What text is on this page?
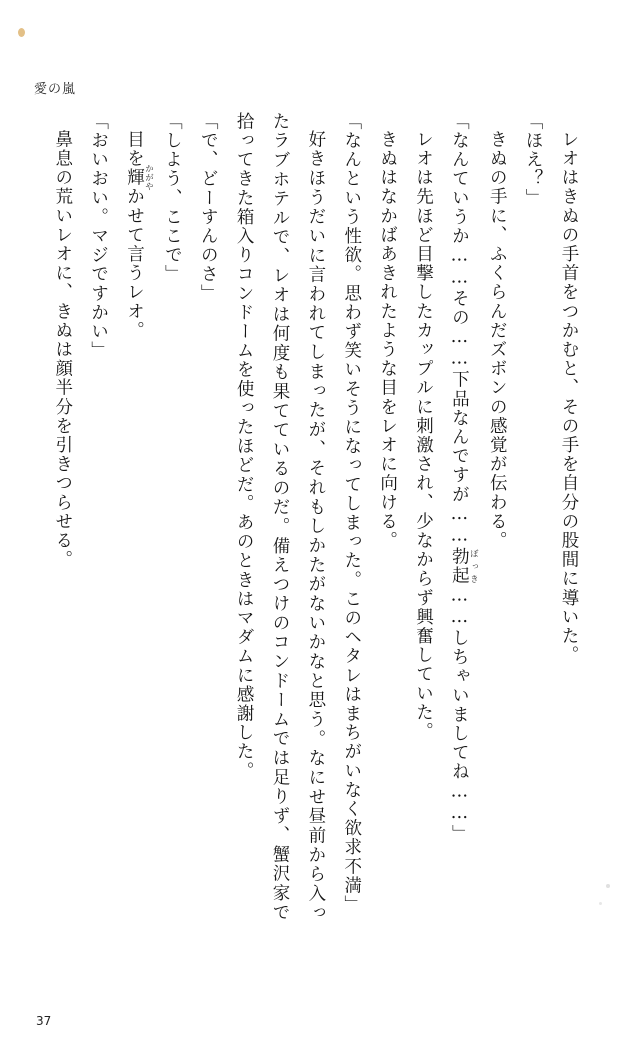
愛の嵐

レオはきぬの手首をつかむと、その手を自分の股間に導いた。

「ほえ？」

きぬの手に、ふくらんだズボンの感覚が伝わる。

「なんていうか……その……下品なんですが……勃起 ぼっき……しちゃいましてね……」

レオは先ほど目撃したカップルに刺激され、少なからず興奮していた。

きぬはなかばあきれたような目をレオに向ける。

「なんという性欲。思わず笑いそうになってしまった。このヘタレはまちがいなく欲求不満」

好きほうだいに言われてしまったが、それもしかたがないかなと思う。なにせ昼前から入ったラブホテルで、レオは何度も果てているのだ。備えつけのコンドームでは足りず、蟹沢家で拾ってきた箱入りコンドームを使ったほどだ。あのときはマダムに感謝した。

「で、どーすんのさ」

「しよう、ここで」

目を輝 かがやかせて言うレオ。

「おいおい。マジですかい」

鼻息の荒いレオに、きぬは顔半分を引きつらせる。

37
